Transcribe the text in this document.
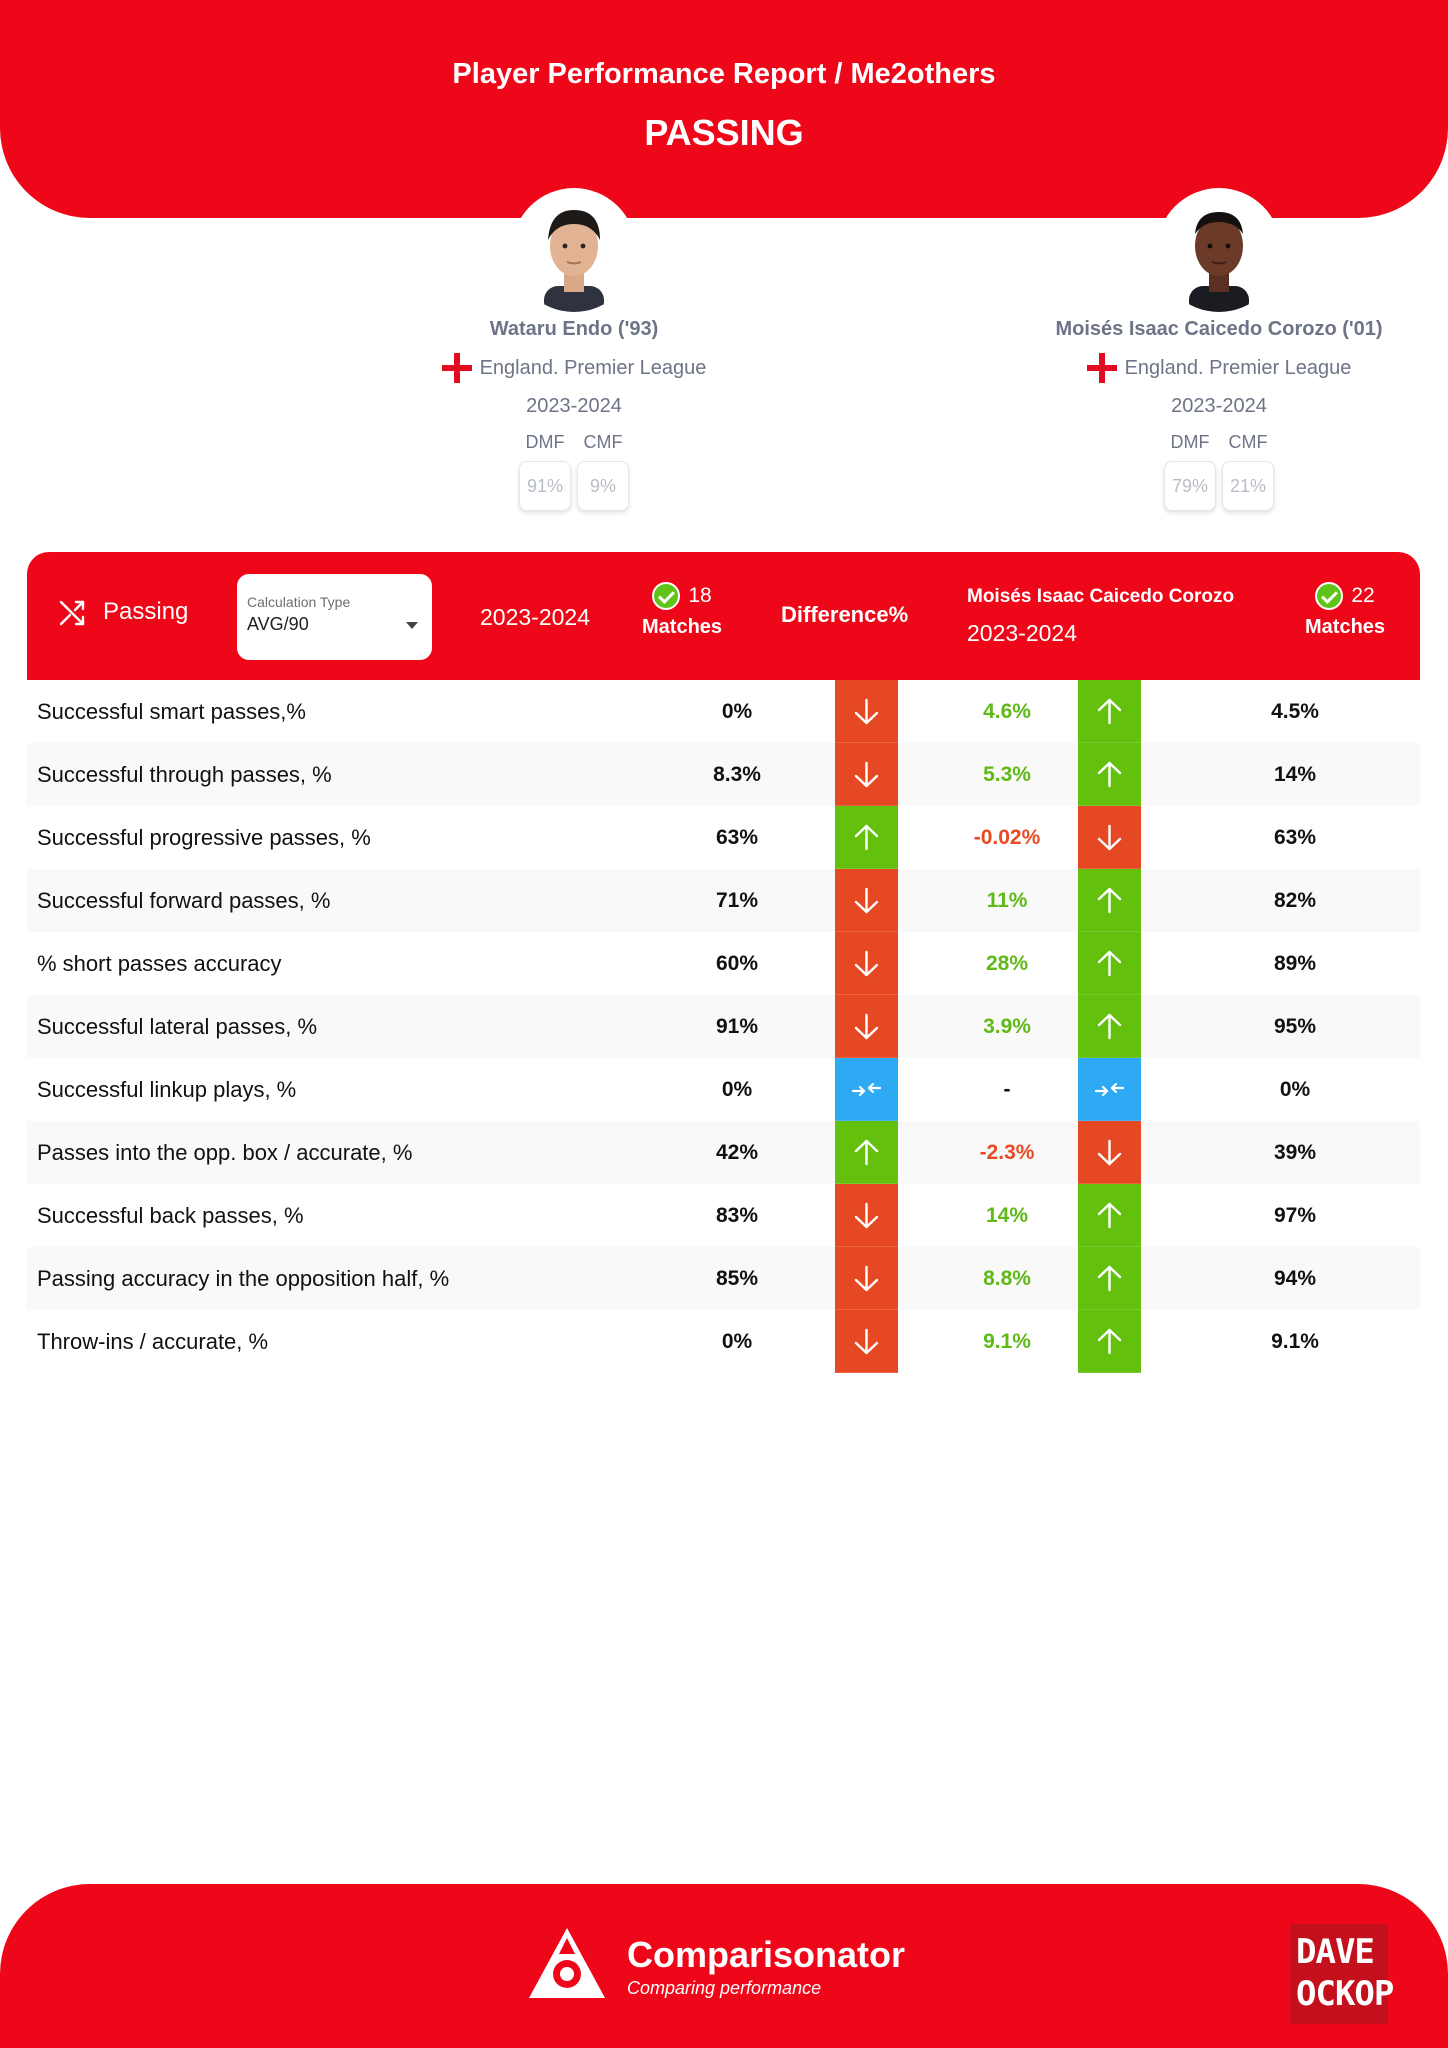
Player Performance Report / Me2others
PASSING
Wataru Endo ('93)
England. Premier League
2023-2024
DMF
91%
CMF
9%
Moisés Isaac Caicedo Corozo ('01)
England. Premier League
2023-2024
DMF
79%
CMF
21%
Passing	Calculation Type
AVG/90	2023-2024
18
Matches	Difference%
Moisés Isaac Caicedo Corozo
2023-2024
22
Matches
Successful smart passes,%	0%	4.6%	4.5%
Successful through passes, %	8.3%	5.3%	14%
Successful progressive passes, %	63%	-0.02%	63%
Successful forward passes, %	71%	11%	82%
% short passes accuracy	60%	28%	89%
Successful lateral passes, %	91%	3.9%	95%
Successful linkup plays, %	0%	-	0%
Passes into the opp. box / accurate, %	42%	-2.3%	39%
Successful back passes, %	83%	14%	97%
Passing accuracy in the opposition half, %	85%	8.8%	94%
Throw-ins / accurate, %	0%	9.1%	9.1%
Comparisonator
Comparing performance
DAVE
OCKOP
